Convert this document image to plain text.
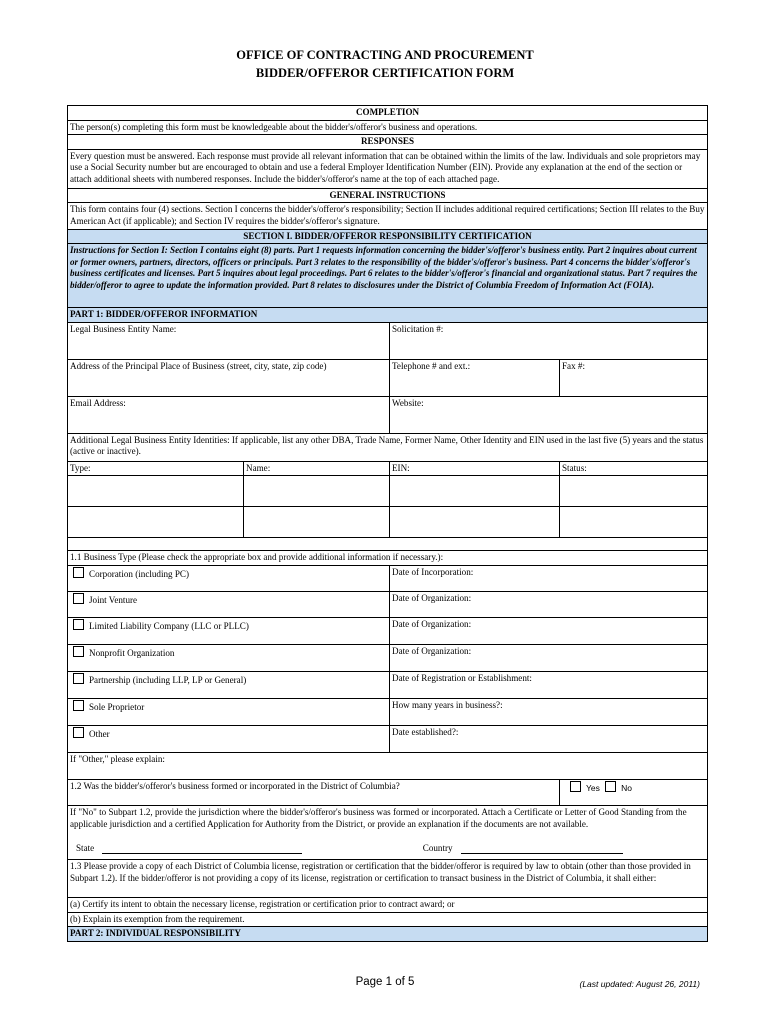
OFFICE OF CONTRACTING AND PROCUREMENT
BIDDER/OFFEROR CERTIFICATION FORM
COMPLETION			
The person(s) completing this form must be knowledgeable about the bidder's/offeror's business and operations.			
RESPONSES			
Every question must be answered. Each response must provide all relevant information that can be obtained within the limits of the law. Individuals and sole proprietors may use a Social Security number but are encouraged to obtain and use a federal Employer Identification Number (EIN). Provide any explanation at the end of the section or attach additional sheets with numbered responses. Include the bidder's/offeror's name at the top of each attached page.			
GENERAL INSTRUCTIONS			
This form contains four (4) sections. Section I concerns the bidder's/offeror's responsibility; Section II includes additional required certifications; Section III relates to the Buy American Act (if applicable); and Section IV requires the bidder's/offeror's signature.			
SECTION I. BIDDER/OFFEROR RESPONSIBILITY CERTIFICATION			
Instructions for Section I: Section I contains eight (8) parts. Part 1 requests information concerning the bidder's/offeror's business entity. Part 2 inquires about current or former owners, partners, directors, officers or principals. Part 3 relates to the responsibility of the bidder's/offeror's business. Part 4 concerns the bidder's/offeror's business certificates and licenses. Part 5 inquires about legal proceedings. Part 6 relates to the bidder's/offeror's financial and organizational status. Part 7 requires the bidder/offeror to agree to update the information provided. Part 8 relates to disclosures under the District of Columbia Freedom of Information Act (FOIA).			
PART 1: BIDDER/OFFEROR INFORMATION			
Legal Business Entity Name:		Solicitation #:	
Address of the Principal Place of Business (street, city, state, zip code)		Telephone # and ext.:	Fax #:
Email Address:		Website:	
Additional Legal Business Entity Identities: If applicable, list any other DBA, Trade Name, Former Name, Other Identity and EIN used in the last five (5) years and the status (active or inactive).			
Type:	Name:	EIN:	Status:

1.1 Business Type (Please check the appropriate box and provide additional information if necessary.):			
Corporation (including PC)		Date of Incorporation:	
Joint Venture		Date of Organization:	
Limited Liability Company (LLC or PLLC)		Date of Organization:	
Nonprofit Organization		Date of Organization:	
Partnership (including LLP, LP or General)		Date of Registration or Establishment:	
Sole Proprietor		How many years in business?:	
Other		Date established?:	
If "Other," please explain:			
1.2 Was the bidder's/offeror's business formed or incorporated in the District of Columbia?			Yes No
If "No" to Subpart 1.2, provide the jurisdiction where the bidder's/offeror's business was formed or incorporated. Attach a Certificate or Letter of Good Standing from the applicable jurisdiction and a certified Application for Authority from the District, or provide an explanation if the documents are not available.			
State Country			
1.3 Please provide a copy of each District of Columbia license, registration or certification that the bidder/offeror is required by law to obtain (other than those provided in Subpart 1.2). If the bidder/offeror is not providing a copy of its license, registration or certification to transact business in the District of Columbia, it shall either:			
(a) Certify its intent to obtain the necessary license, registration or certification prior to contract award; or			
(b) Explain its exemption from the requirement.			
PART 2: INDIVIDUAL RESPONSIBILITY			
Page 1 of 5	(Last updated: August 26, 2011)
